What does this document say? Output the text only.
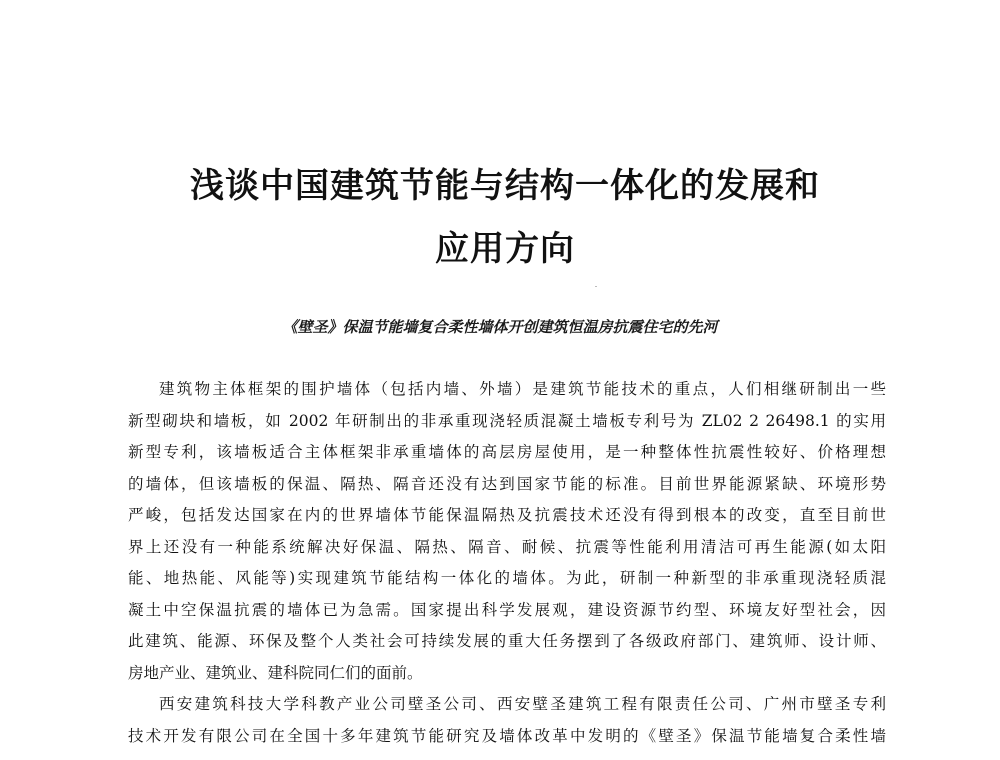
浅谈中国建筑节能与结构一体化的发展和
应用方向
《壁圣》保温节能墙复合柔性墙体开创建筑恒温房抗震住宅的先河

建筑物主体框架的围护墙体（包括内墙、外墙）是建筑节能技术的重点，人们相继研制出一些
新型砌块和墙板，如 2002 年研制出的非承重现浇轻质混凝土墙板专利号为 ZL02 2 26498.1 的实用
新型专利，该墙板适合主体框架非承重墙体的高层房屋使用，是一种整体性抗震性较好、价格理想
的墙体，但该墙板的保温、隔热、隔音还没有达到国家节能的标准。目前世界能源紧缺、环境形势
严峻，包括发达国家在内的世界墙体节能保温隔热及抗震技术还没有得到根本的改变，直至目前世
界上还没有一种能系统解决好保温、隔热、隔音、耐候、抗震等性能利用清洁可再生能源(如太阳
能、地热能、风能等)实现建筑节能结构一体化的墙体。为此，研制一种新型的非承重现浇轻质混
凝土中空保温抗震的墙体已为急需。国家提出科学发展观，建设资源节约型、环境友好型社会，因
此建筑、能源、环保及整个人类社会可持续发展的重大任务摆到了各级政府部门、建筑师、设计师、
房地产业、建筑业、建科院同仁们的面前。

西安建筑科技大学科教产业公司壁圣公司、西安壁圣建筑工程有限责任公司、广州市壁圣专利
技术开发有限公司在全国十多年建筑节能研究及墙体改革中发明的《壁圣》保温节能墙复合柔性墙
